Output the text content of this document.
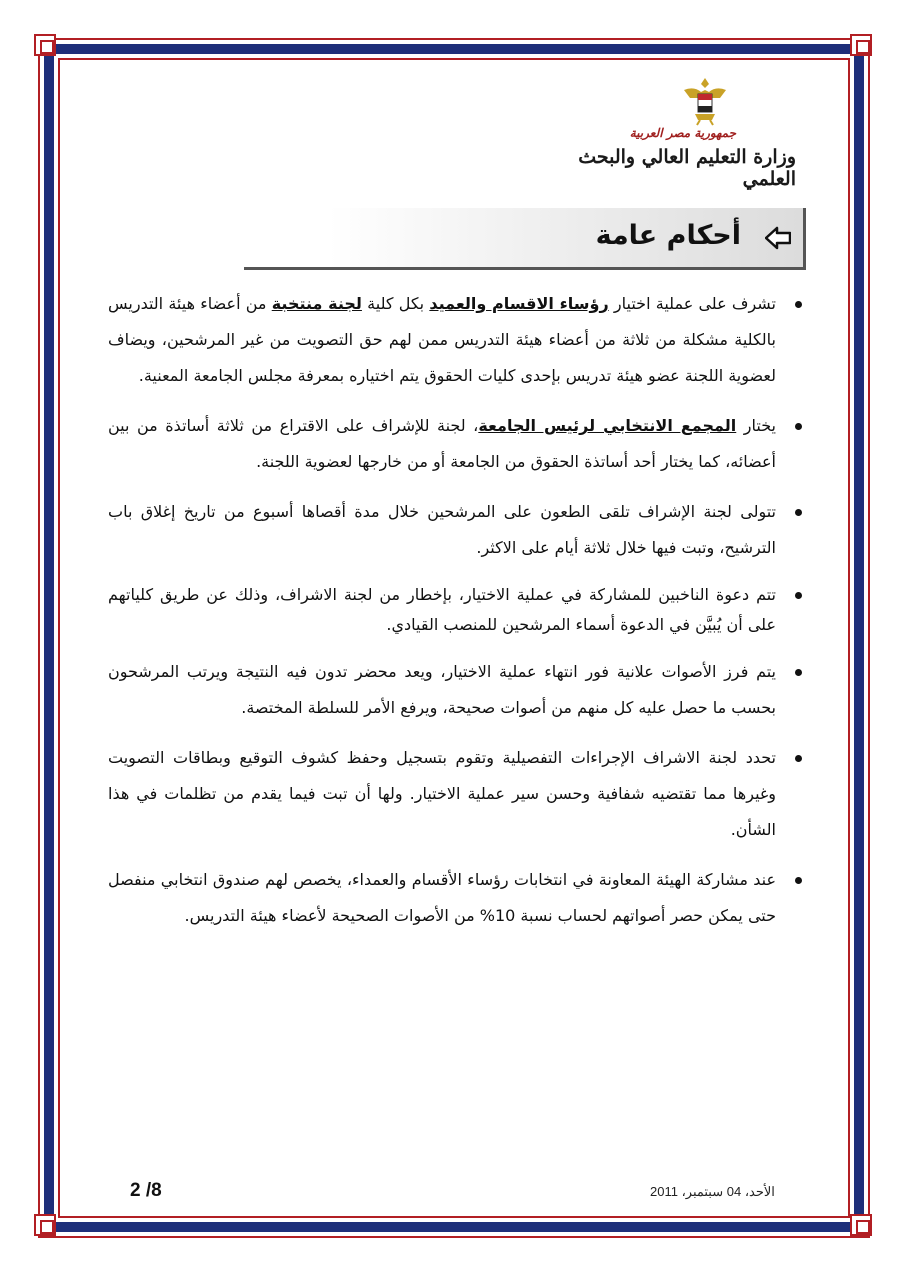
جمهورية مصر العربية
وزارة التعليم العالي والبحث العلمي
أحكام عامة
تشرف على عملية اختيار رؤساء الاقسام والعميد بكل كلية لجنة منتخبة من أعضاء هيئة التدريس بالكلية مشكلة من ثلاثة من أعضاء هيئة التدريس ممن لهم حق التصويت من غير المرشحين، ويضاف لعضوية اللجنة عضو هيئة تدريس بإحدى كليات الحقوق يتم اختياره بمعرفة مجلس الجامعة المعنية.
يختار المجمع الانتخابي لرئيس الجامعة، لجنة للإشراف على الاقتراع من ثلاثة أساتذة من بين أعضائه، كما يختار أحد أساتذة الحقوق من الجامعة أو من خارجها لعضوية اللجنة.
تتولى لجنة الإشراف تلقى الطعون على المرشحين خلال مدة أقصاها أسبوع من تاريخ إغلاق باب الترشيح، وتبت فيها خلال ثلاثة أيام على الاكثر.
تتم دعوة الناخبين للمشاركة في عملية الاختيار، بإخطار من لجنة الاشراف، وذلك عن طريق كلياتهم على أن يُبيَّن في الدعوة أسماء المرشحين للمنصب القيادي.
يتم فرز الأصوات علانية فور انتهاء عملية الاختيار، ويعد محضر تدون فيه النتيجة ويرتب المرشحون بحسب ما حصل عليه كل منهم من أصوات صحيحة، ويرفع الأمر للسلطة المختصة.
تحدد لجنة الاشراف الإجراءات التفصيلية وتقوم بتسجيل وحفظ كشوف التوقيع وبطاقات التصويت وغيرها مما تقتضيه شفافية وحسن سير عملية الاختيار. ولها أن تبت فيما يقدم من تظلمات في هذا الشأن.
عند مشاركة الهيئة المعاونة في انتخابات رؤساء الأقسام والعمداء، يخصص لهم صندوق انتخابي منفصل حتى يمكن حصر أصواتهم لحساب نسبة 10% من الأصوات الصحيحة لأعضاء هيئة التدريس.
2 /8	الأحد، 04 سبتمبر، 2011
